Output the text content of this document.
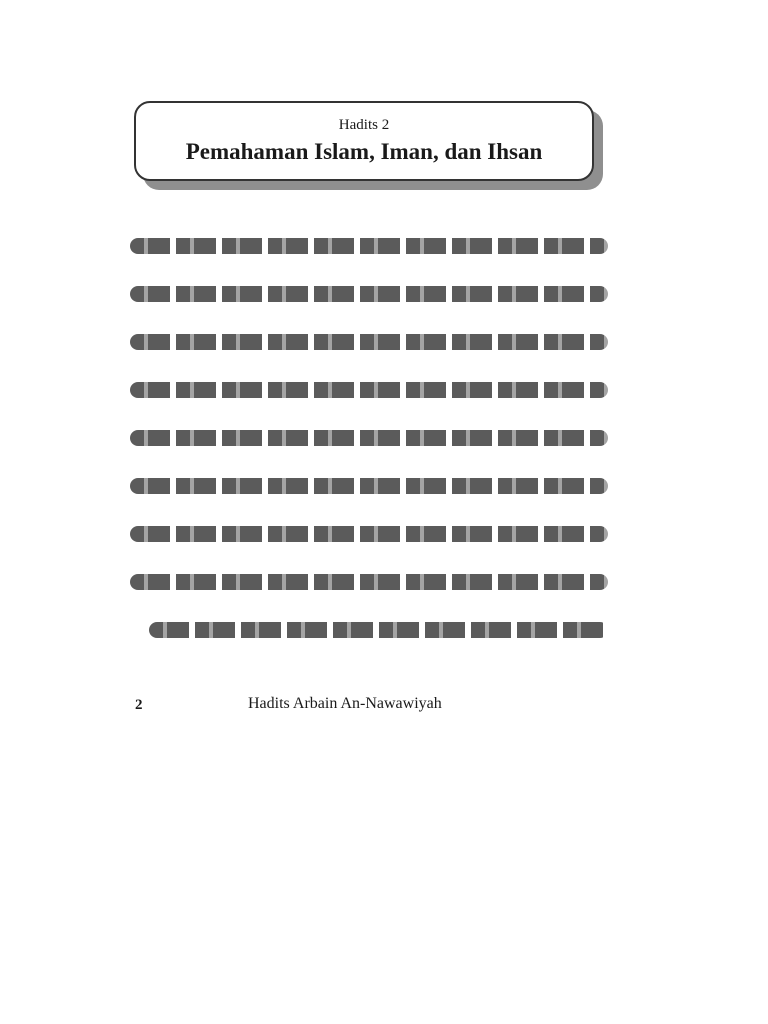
Hadits 2
Pemahaman Islam, Iman, dan Ihsan
2	Hadits Arbain An-Nawawiyah
